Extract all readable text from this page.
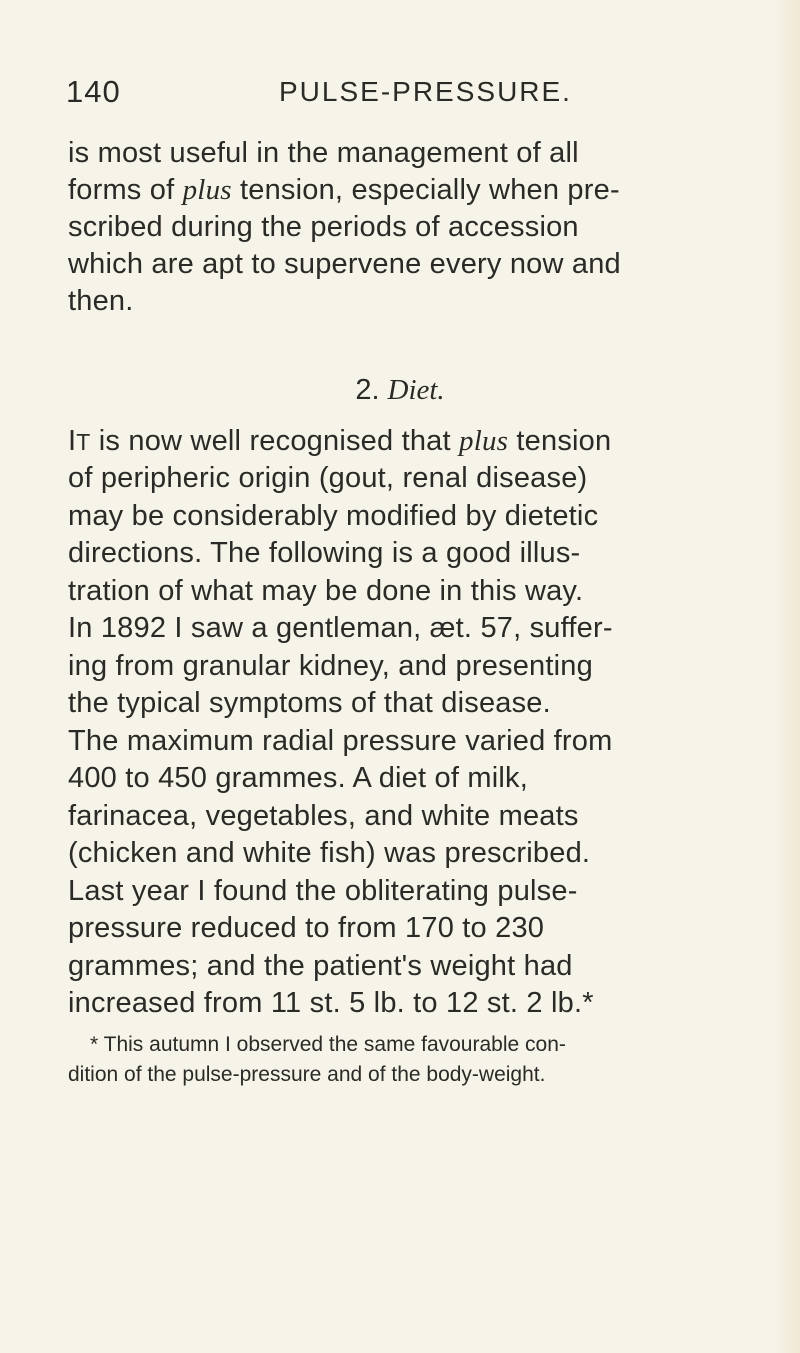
140	PULSE-PRESSURE.
is most useful in the management of all
forms of plus tension, especially when pre-
scribed during the periods of accession
which are apt to supervene every now and
then.
2. Diet.
IT is now well recognised that plus tension
of peripheric origin (gout, renal disease)
may be considerably modified by dietetic
directions. The following is a good illus-
tration of what may be done in this way.
In 1892 I saw a gentleman, æt. 57, suffer-
ing from granular kidney, and presenting
the typical symptoms of that disease.
The maximum radial pressure varied from
400 to 450 grammes. A diet of milk,
farinacea, vegetables, and white meats
(chicken and white fish) was prescribed.
Last year I found the obliterating pulse-
pressure reduced to from 170 to 230
grammes; and the patient's weight had
increased from 11 st. 5 lb. to 12 st. 2 lb.*
* This autumn I observed the same favourable con-
dition of the pulse-pressure and of the body-weight.
